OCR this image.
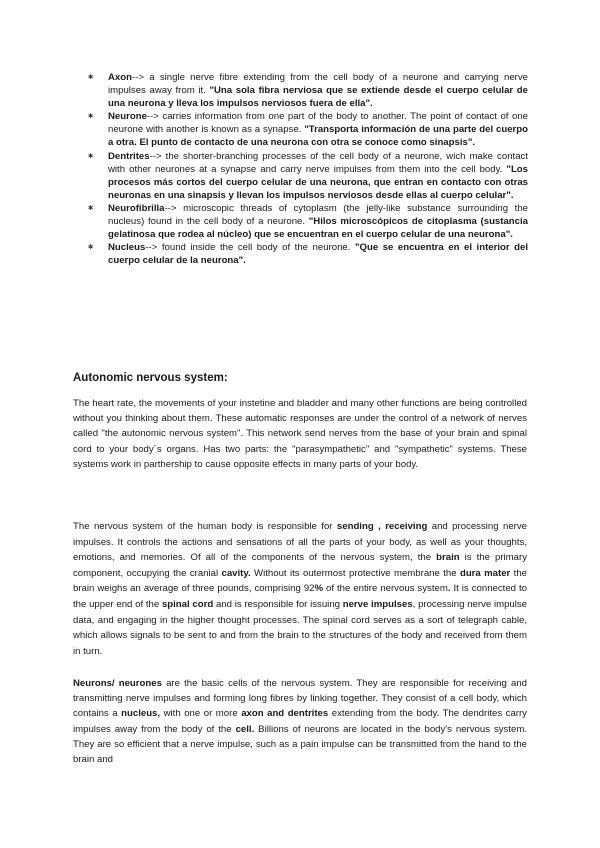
✱ Axon--> a single nerve fibre extending from the cell body of a neurone and carrying nerve impulses away from it. "Una sola fibra nerviosa que se extiende desde el cuerpo celular de una neurona y lleva los impulsos nerviosos fuera de ella".
✱ Neurone--> carries information from one part of the body to another. The point of contact of one neurone with another is known as a synapse. "Transporta información de una parte del cuerpo a otra. El punto de contacto de una neurona con otra se conoce como sinapsis".
✱ Dentrites--> the shorter-branching processes of the cell body of a neurone, wich make contact with other neurones at a synapse and carry nerve impulses from them into the cell body. "Los procesos más cortos del cuerpo celular de una neurona, que entran en contacto con otras neuronas en una sinapsis y llevan los impulsos nerviosos desde ellas al cuerpo celular".
✱ Neurofibrilla--> microscopic threads of cytoplasm (the jelly-like substance surrounding the nucleus) found in the cell body of a neurone. "Hilos microscópicos de citoplasma (sustancia gelatinosa que rodea al núcleo) que se encuentran en el cuerpo celular de una neurona".
✱ Nucleus--> found inside the cell body of the neurone. "Que se encuentra en el interior del cuerpo celular de la neurona".
Autonomic nervous system:

The heart rate, the movements of your instetine and bladder and many other functions are being controlled without you thinking about them. These automatic responses are under the control of a network of nerves called "the autonomic nervous system". This network send nerves from the base of your brain and spinal cord to your body´s organs. Has two parts: the "parasympathetic" and "sympathetic" systems. These systems work in parthership to cause opposite effects in many parts of your body.

The nervous system of the human body is responsible for sending , receiving and processing nerve impulses. It controls the actions and sensations of all the parts of your body, as well as your thoughts, emotions, and memories. Of all of the components of the nervous system, the brain is the primary component, occupying the cranial cavity. Without its outermost protective membrane the dura mater the brain weighs an average of three pounds, comprising 92% of the entire nervous system. It is connected to the upper end of the spinal cord and is responsible for issuing nerve impulses, processing nerve impulse data, and engaging in the higher thought processes. The spinal cord serves as a sort of telegraph cable, which allows signals to be sent to and from the brain to the structures of the body and received from them in turn.

Neurons/ neurones are the basic cells of the nervous system. They are responsible for receiving and transmitting nerve impulses and forming long fibres by linking together. They consist of a cell body, which contains a nucleus, with one or more axon and dentrites extending from the body. The dendrites carry impulses away from the body of the cell. Billions of neurons are located in the body's nervous system. They are so efficient that a nerve impulse, such as a pain impulse can be transmitted from the hand to the brain and
